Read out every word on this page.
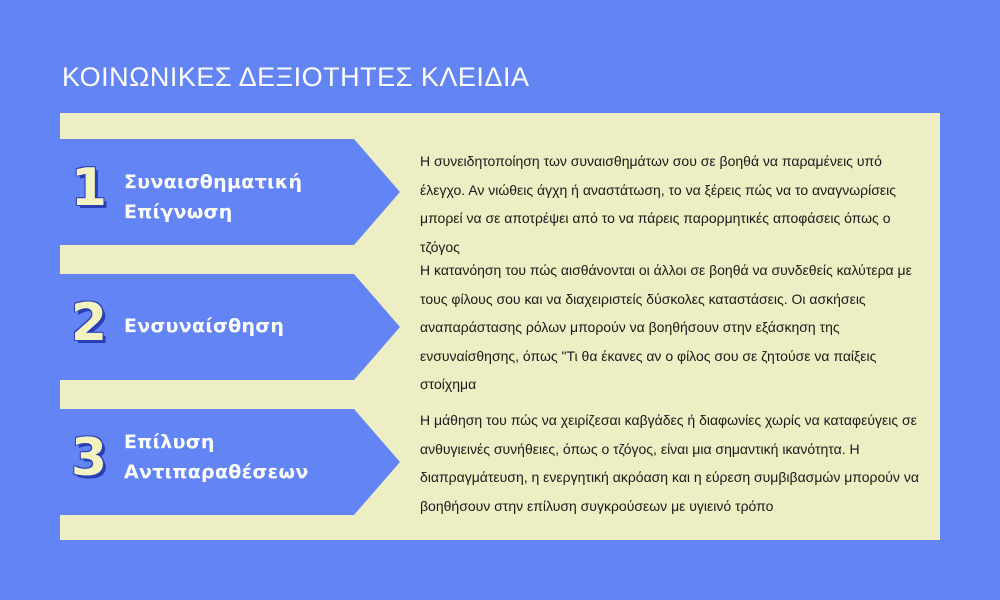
ΚΟΙΝΩΝΙΚΕΣ ΔΕΞΙΟΤΗΤΕΣ ΚΛΕΙΔΙΑ
1 Συναισθηματική Επίγνωση
Η συνειδητοποίηση των συναισθημάτων σου σε βοηθά να παραμένεις υπό έλεγχο. Αν νιώθεις άγχη ή αναστάτωση, το να ξέρεις πώς να το αναγνωρίσεις μπορεί να σε αποτρέψει από το να πάρεις παρορμητικές αποφάσεις όπως ο τζόγος
2 Ενσυναίσθηση
Η κατανόηση του πώς αισθάνονται οι άλλοι σε βοηθά να συνδεθείς καλύτερα με τους φίλους σου και να διαχειριστείς δύσκολες καταστάσεις. Οι ασκήσεις αναπαράστασης ρόλων μπορούν να βοηθήσουν στην εξάσκηση της ενσυναίσθησης, όπως "Τι θα έκανες αν ο φίλος σου σε ζητούσε να παίξεις στοίχημα
3 Επίλυση Αντιπαραθέσεων
Η μάθηση του πώς να χειρίζεσαι καβγάδες ή διαφωνίες χωρίς να καταφεύγεις σε ανθυγιεινές συνήθειες, όπως ο τζόγος, είναι μια σημαντική ικανότητα. Η διαπραγμάτευση, η ενεργητική ακρόαση και η εύρεση συμβιβασμών μπορούν να βοηθήσουν στην επίλυση συγκρούσεων με υγιεινό τρόπο
